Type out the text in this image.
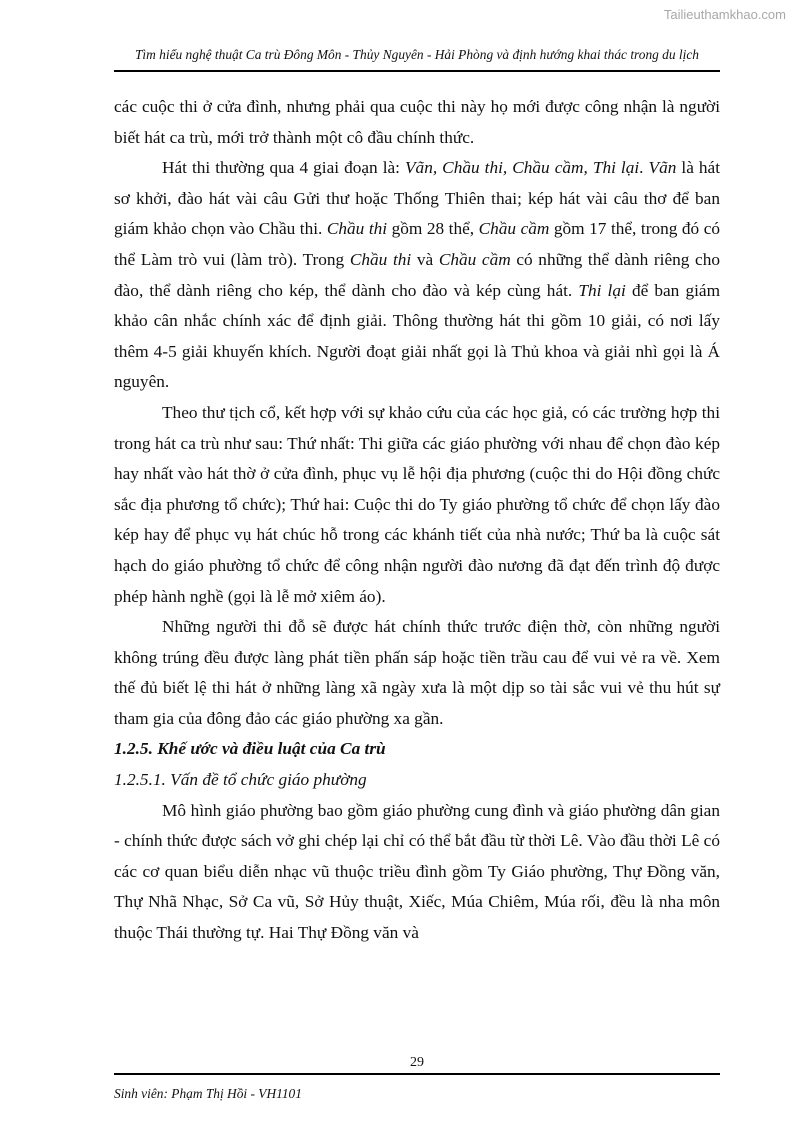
Tailieuthamkhao.com
Tìm hiểu nghệ thuật Ca trù Đông Môn - Thủy Nguyên - Hải Phòng và định hướng khai thác trong du lịch

các cuộc thi ở cửa đình, nhưng phải qua cuộc thi này họ mới được công nhận là người biết hát ca trù, mới trở thành một cô đầu chính thức.

Hát thi thường qua 4 giai đoạn là: Vãn, Chầu thi, Chầu cầm, Thi lại. Vãn là hát sơ khởi, đào hát vài câu Gửi thư hoặc Thống Thiên thai; kép hát vài câu thơ để ban giám khảo chọn vào Chầu thi. Chầu thi gồm 28 thể, Chầu cầm gồm 17 thể, trong đó có thể Làm trò vui (làm trò). Trong Chầu thi và Chầu cầm có những thể dành riêng cho đào, thể dành riêng cho kép, thể dành cho đào và kép cùng hát. Thi lại để ban giám khảo cân nhắc chính xác để định giải. Thông thường hát thi gồm 10 giải, có nơi lấy thêm 4-5 giải khuyến khích. Người đoạt giải nhất gọi là Thủ khoa và giải nhì gọi là Á nguyên.

Theo thư tịch cổ, kết hợp với sự khảo cứu của các học giả, có các trường hợp thi trong hát ca trù như sau: Thứ nhất: Thi giữa các giáo phường với nhau để chọn đào kép hay nhất vào hát thờ ở cửa đình, phục vụ lễ hội địa phương (cuộc thi do Hội đồng chức sắc địa phương tổ chức); Thứ hai: Cuộc thi do Ty giáo phường tổ chức để chọn lấy đào kép hay để phục vụ hát chúc hỗ trong các khánh tiết của nhà nước; Thứ ba là cuộc sát hạch do giáo phường tổ chức để công nhận người đào nương đã đạt đến trình độ được phép hành nghề (gọi là lễ mở xiêm áo).

Những người thi đỗ sẽ được hát chính thức trước điện thờ, còn những người không trúng đều được làng phát tiền phấn sáp hoặc tiền trầu cau để vui vẻ ra về. Xem thế đủ biết lệ thi hát ở những làng xã ngày xưa là một dịp so tài sắc vui vẻ thu hút sự tham gia của đông đảo các giáo phường xa gần.

1.2.5. Khế ước và điều luật của Ca trù

1.2.5.1. Vấn đề tổ chức giáo phường

Mô hình giáo phường bao gồm giáo phường cung đình và giáo phường dân gian - chính thức được sách vở ghi chép lại chỉ có thể bắt đầu từ thời Lê. Vào đầu thời Lê có các cơ quan biểu diễn nhạc vũ thuộc triều đình gồm Ty Giáo phường, Thự Đồng văn, Thự Nhã Nhạc, Sở Ca vũ, Sở Hủy thuật, Xiếc, Múa Chiêm, Múa rối, đều là nha môn thuộc Thái thường tự. Hai Thự Đồng văn và

29
Sinh viên: Phạm Thị Hồi - VH1101
